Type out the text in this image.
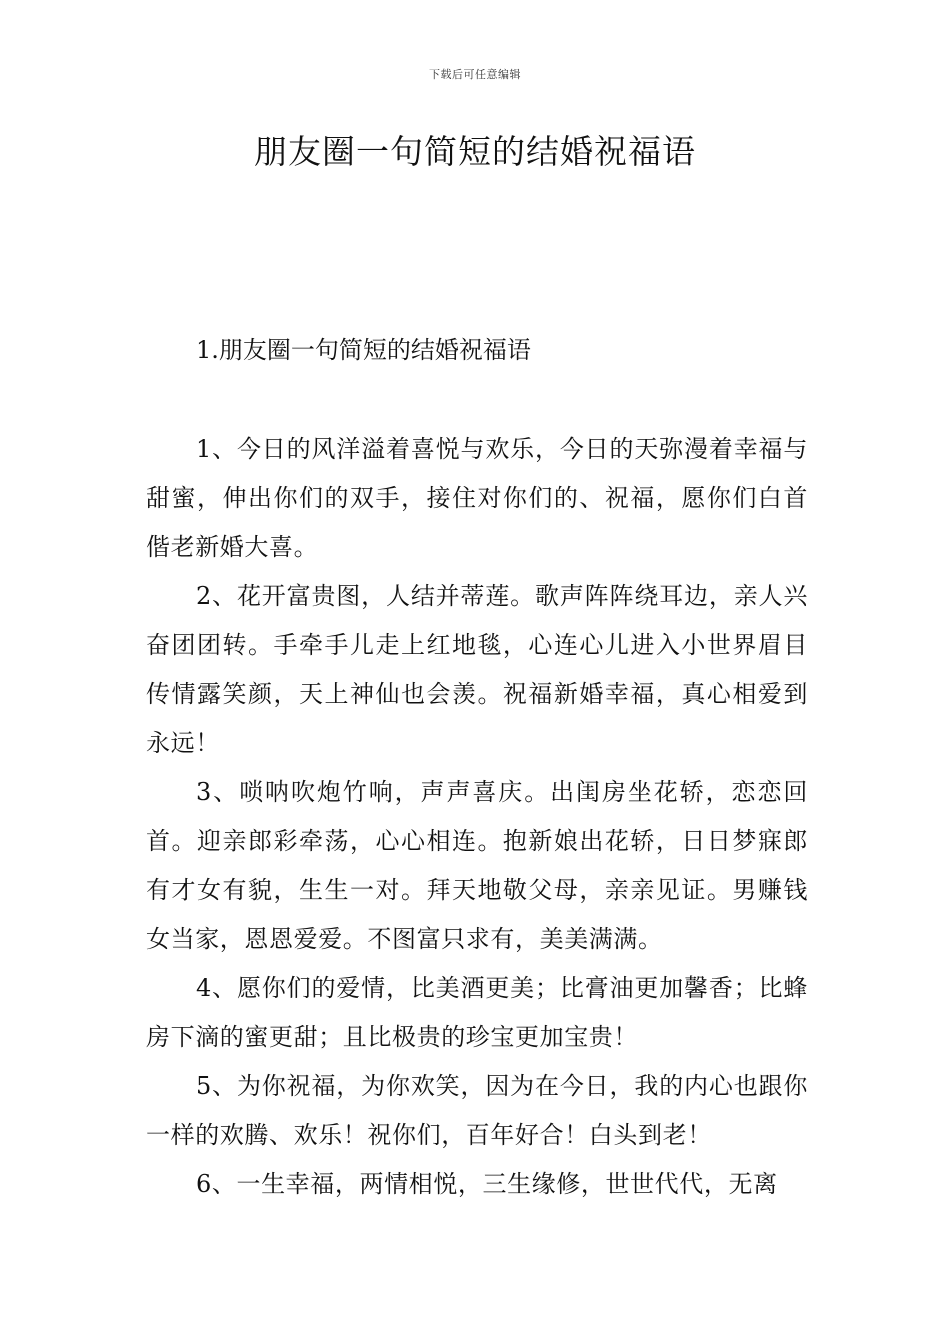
下载后可任意编辑
朋友圈一句简短的结婚祝福语
1.朋友圈一句简短的结婚祝福语

1、今日的风洋溢着喜悦与欢乐，今日的天弥漫着幸福与甜蜜，伸出你们的双手，接住对你们的、祝福，愿你们白首偕老新婚大喜。

2、花开富贵图，人结并蒂莲。歌声阵阵绕耳边，亲人兴奋团团转。手牵手儿走上红地毯，心连心儿进入小世界眉目传情露笑颜，天上神仙也会羡。祝福新婚幸福，真心相爱到永远！

3、唢呐吹炮竹响，声声喜庆。出闺房坐花轿，恋恋回首。迎亲郎彩牵荡，心心相连。抱新娘出花轿，日日梦寐郎有才女有貌，生生一对。拜天地敬父母，亲亲见证。男赚钱女当家，恩恩爱爱。不图富只求有，美美满满。

4、愿你们的爱情，比美酒更美；比膏油更加馨香；比蜂房下滴的蜜更甜；且比极贵的珍宝更加宝贵！

5、为你祝福，为你欢笑，因为在今日，我的内心也跟你一样的欢腾、欢乐！祝你们，百年好合！白头到老！

6、一生幸福，两情相悦，三生缘修，世世代代，无离
